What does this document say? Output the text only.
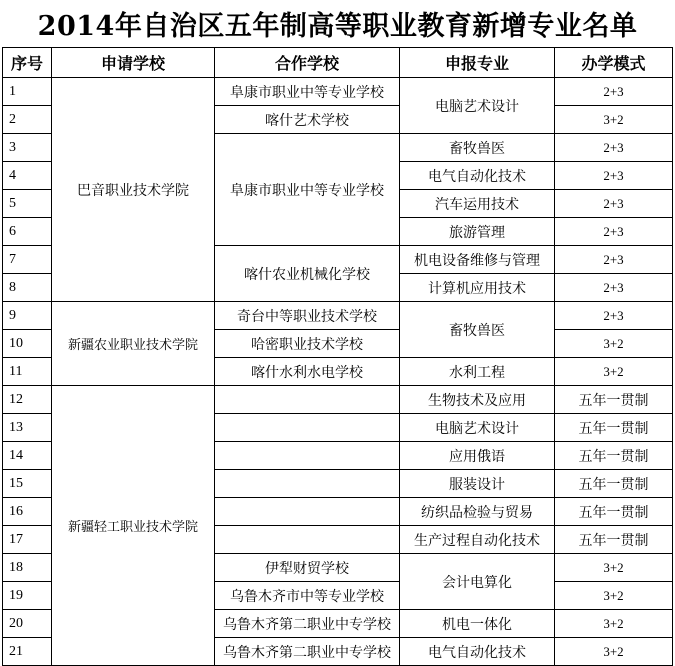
2014年自治区五年制高等职业教育新增专业名单
序号	申请学校	合作学校	申报专业	办学模式
1	巴音职业技术学院	阜康市职业中等专业学校	电脑艺术设计	2+3
2		喀什艺术学校		3+2
3		阜康市职业中等专业学校	畜牧兽医	2+3
4			电气自动化技术	2+3
5			汽车运用技术	2+3
6			旅游管理	2+3
7		喀什农业机械化学校	机电设备维修与管理	2+3
8			计算机应用技术	2+3
9	新疆农业职业技术学院	奇台中等职业技术学校	畜牧兽医	2+3
10		哈密职业技术学校		3+2
11		喀什水利水电学校	水利工程	3+2
12	新疆轻工职业技术学院		生物技术及应用	五年一贯制
13			电脑艺术设计	五年一贯制
14			应用俄语	五年一贯制
15			服装设计	五年一贯制
16			纺织品检验与贸易	五年一贯制
17			生产过程自动化技术	五年一贯制
18		伊犁财贸学校	会计电算化	3+2
19		乌鲁木齐市中等专业学校		3+2
20		乌鲁木齐第二职业中专学校	机电一体化	3+2
21		乌鲁木齐第二职业中专学校	电气自动化技术	3+2
